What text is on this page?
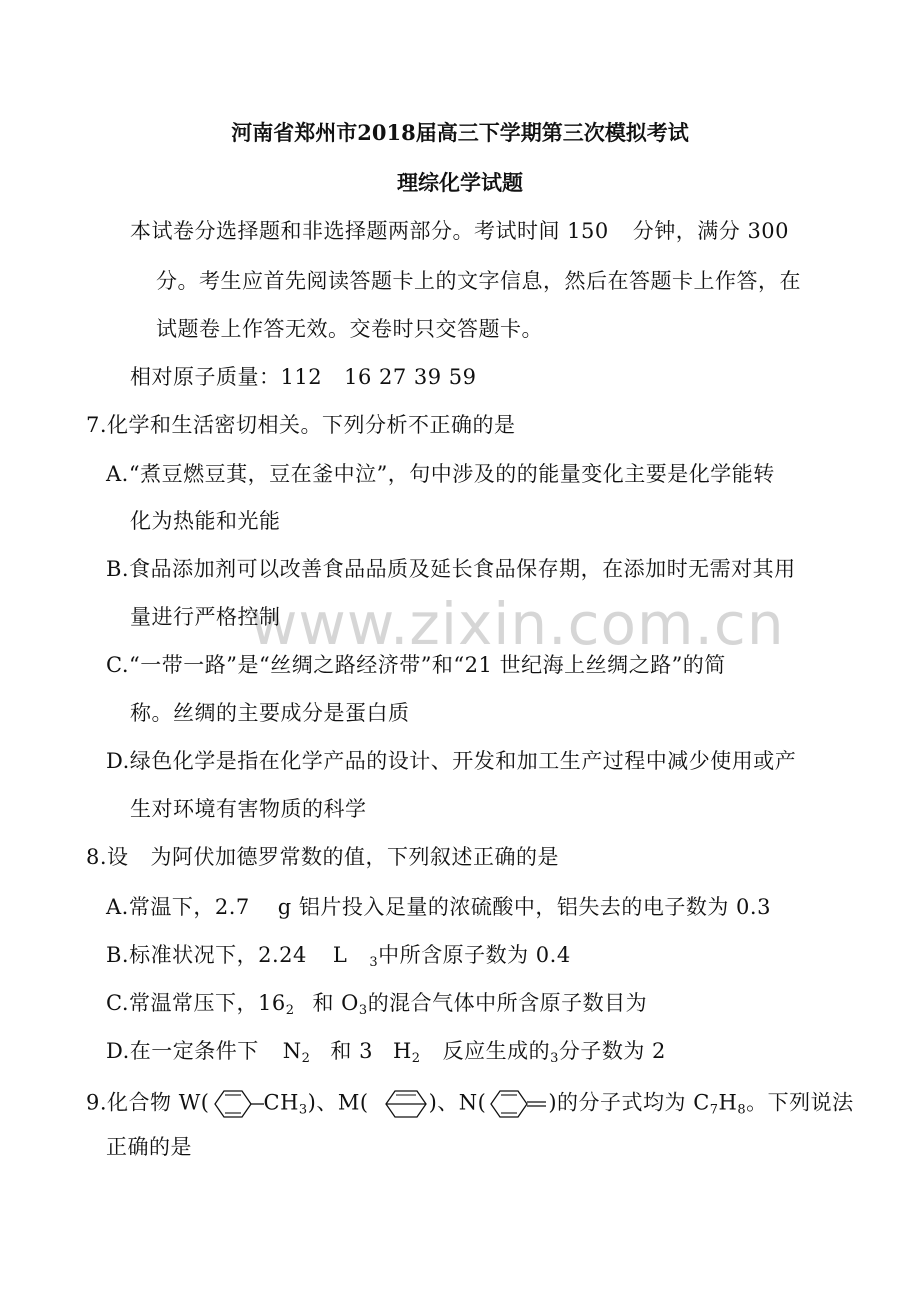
www.zixin.com.cn
河南省郑州市2018届高三下学期第三次模拟考试
理综化学试题
本试卷分选择题和非选择题两部分。考试时间 150 分钟，满分 300
分。考生应首先阅读答题卡上的文字信息，然后在答题卡上作答，在
试题卷上作答无效。交卷时只交答题卡。
相对原子质量：112 16 27 39 59
7.化学和生活密切相关。下列分析不正确的是
A.“煮豆燃豆萁，豆在釜中泣”，句中涉及的的能量变化主要是化学能转
化为热能和光能
B.食品添加剂可以改善食品品质及延长食品保存期，在添加时无需对其用
量进行严格控制
C.“一带一路”是“丝绸之路经济带”和“21 世纪海上丝绸之路”的简
称。丝绸的主要成分是蛋白质
D.绿色化学是指在化学产品的设计、开发和加工生产过程中减少使用或产
生对环境有害物质的科学
8.设 为阿伏加德罗常数的值，下列叙述正确的是
A.常温下，2.7 g 铝片投入足量的浓硫酸中，铝失去的电子数为 0.3
B.标准状况下，2.24 L $_3$中所含原子数为 0.4
C.常温常压下，$16_2$ 和 $O_3$的混合气体中所含原子数目为
D.在一定条件下 $N_2$ 和 3 $H_2$ 反应生成的$_3$分子数为 2
9.化合物 W(	$CH_3$)、M(	)、N(	)的分子式均为 $C_7H_8$。下列说法
正确的是
